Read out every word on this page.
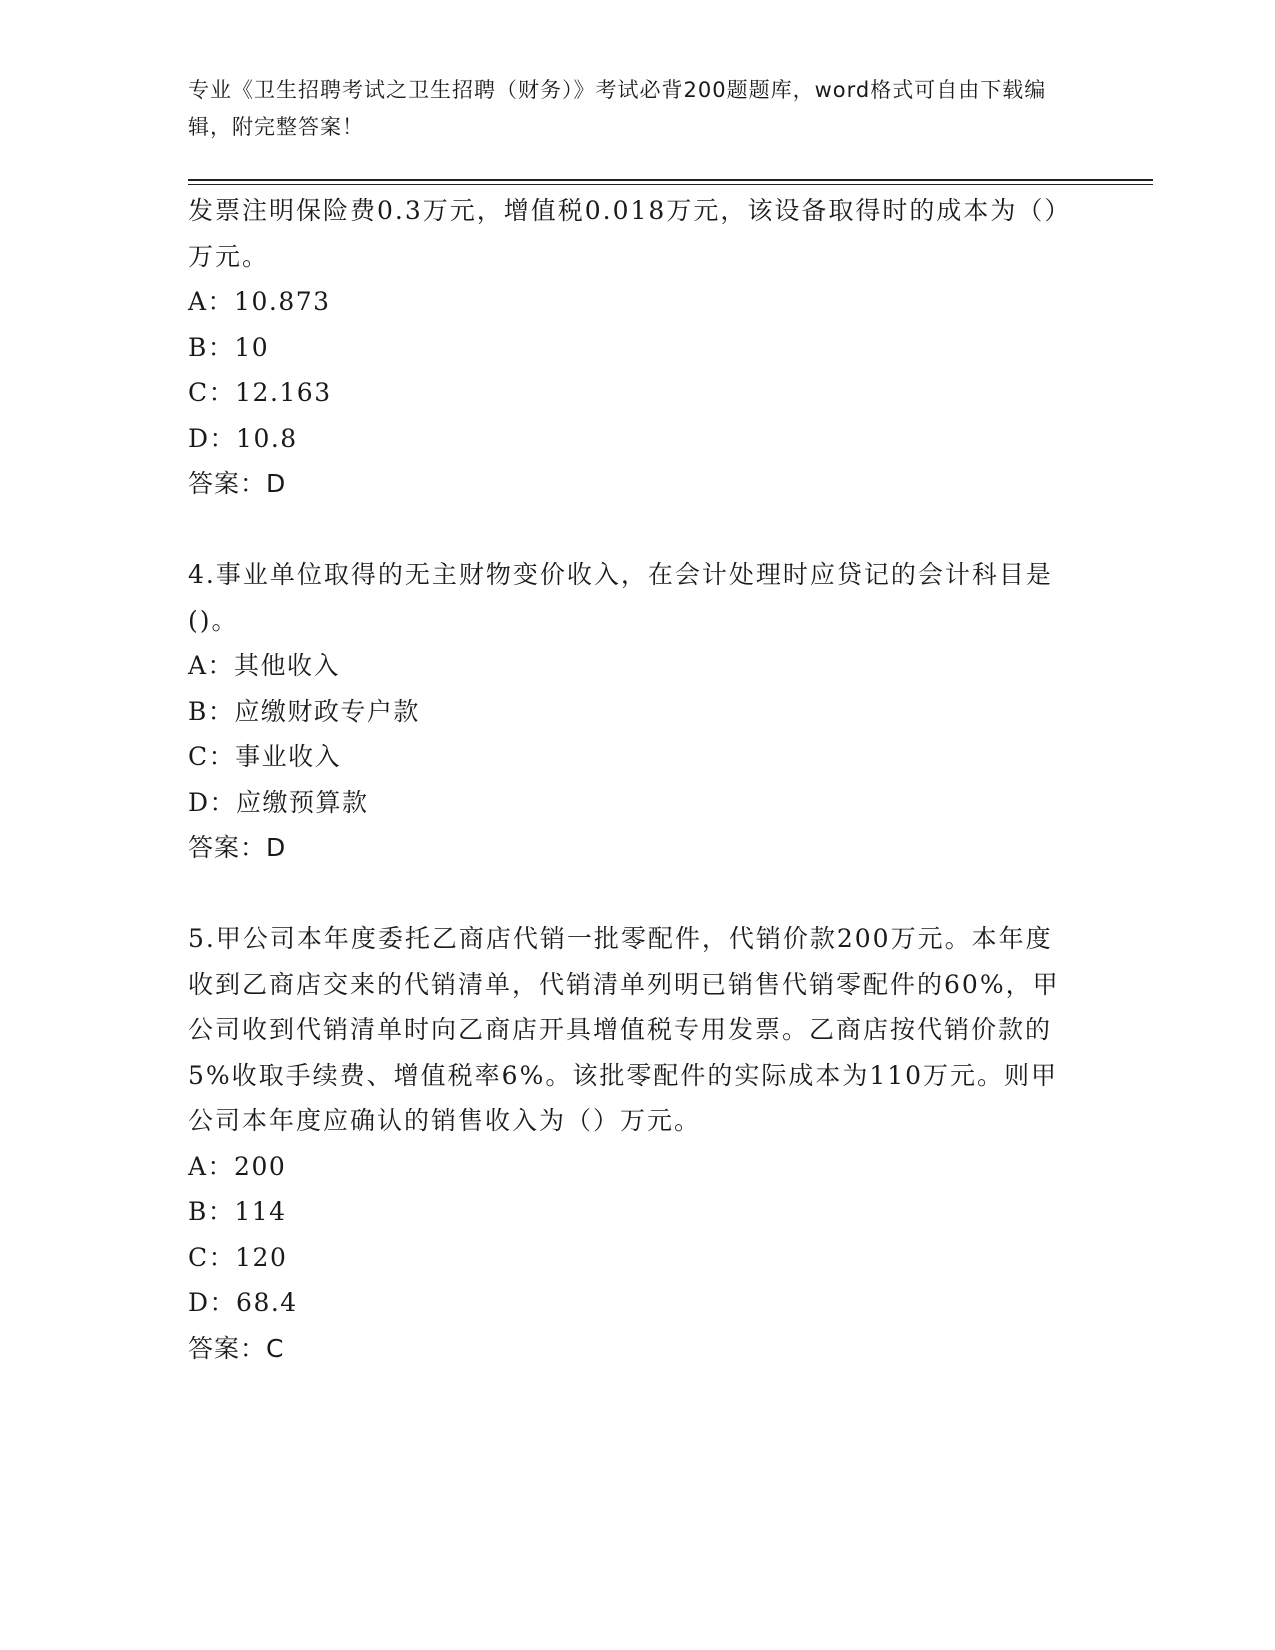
专业《卫生招聘考试之卫生招聘（财务）》考试必背200题题库，word格式可自由下载编辑，附完整答案！

发票注明保险费0.3万元，增值税0.018万元，该设备取得时的成本为（）万元。

A：10.873

B：10

C：12.163

D：10.8

答案：D

4.事业单位取得的无主财物变价收入，在会计处理时应贷记的会计科目是()。

A：其他收入

B：应缴财政专户款

C：事业收入

D：应缴预算款

答案：D

5.甲公司本年度委托乙商店代销一批零配件，代销价款200万元。本年度收到乙商店交来的代销清单，代销清单列明已销售代销零配件的60%，甲公司收到代销清单时向乙商店开具增值税专用发票。乙商店按代销价款的5%收取手续费、增值税率6%。该批零配件的实际成本为110万元。则甲公司本年度应确认的销售收入为（）万元。

A：200

B：114

C：120

D：68.4

答案：C
